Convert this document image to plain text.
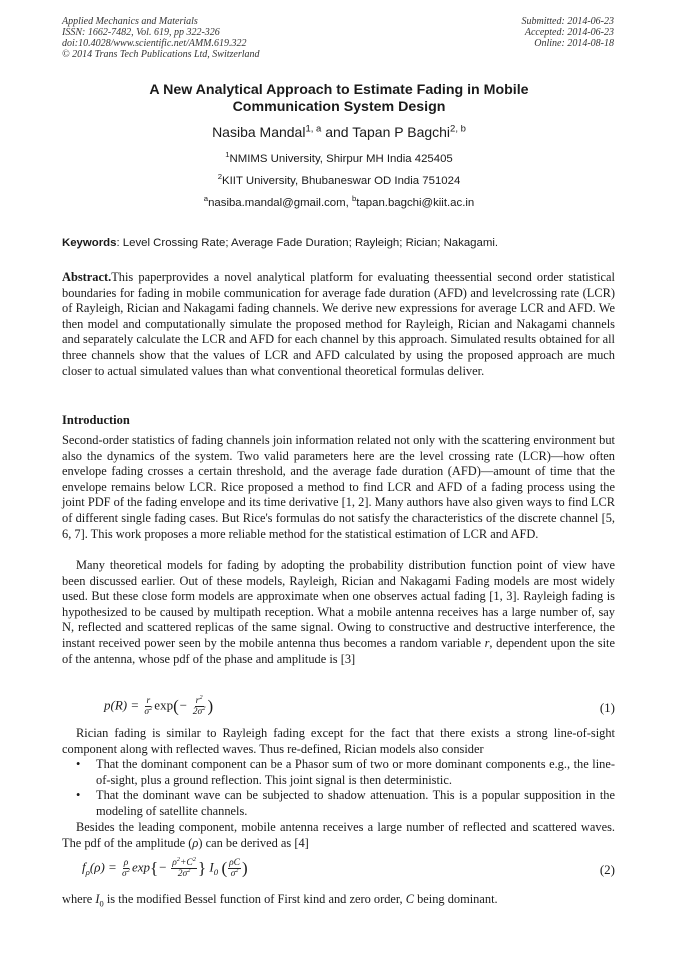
Applied Mechanics and Materials
ISSN: 1662-7482, Vol. 619, pp 322-326
doi:10.4028/www.scientific.net/AMM.619.322
© 2014 Trans Tech Publications Ltd, Switzerland
Submitted: 2014-06-23
Accepted: 2014-06-23
Online: 2014-08-18
A New Analytical Approach to Estimate Fading in Mobile
Communication System Design
Nasiba Mandal$^{1, a}$ and Tapan P Bagchi$^{2, b}$
$^1$NMIMS University, Shirpur MH India 425405
$^2$KIIT University, Bhubaneswar OD India 751024
$^a$nasiba.mandal@gmail.com, $^b$tapan.bagchi@kiit.ac.in
Keywords: Level Crossing Rate; Average Fade Duration; Rayleigh; Rician; Nakagami.

Abstract.This paperprovides a novel analytical platform for evaluating theessential second order statistical boundaries for fading in mobile communication for average fade duration (AFD) and levelcrossing rate (LCR) of Rayleigh, Rician and Nakagami fading channels. We derive new expressions for average LCR and AFD. We then model and computationally simulate the proposed method for Rayleigh, Rician and Nakagami channels and separately calculate the LCR and AFD for each channel by this approach. Simulated results obtained for all three channels show that the values of LCR and AFD calculated by using the proposed approach are much closer to actual simulated values than what conventional theoretical formulas deliver.

Introduction

Second-order statistics of fading channels join information related not only with the scattering environment but also the dynamics of the system. Two valid parameters here are the level crossing rate (LCR)—how often envelope fading crosses a certain threshold, and the average fade duration (AFD)—amount of time that the envelope remains below LCR. Rice proposed a method to find LCR and AFD of a fading process using the joint PDF of the fading envelope and its time derivative [1, 2]. Many authors have also given ways to find LCR of different single fading cases. But Rice's formulas do not satisfy the characteristics of the discrete channel [5, 6, 7]. This work proposes a more reliable method for the statistical estimation of LCR and AFD.

Many theoretical models for fading by adopting the probability distribution function point of view have been discussed earlier. Out of these models, Rayleigh, Rician and Nakagami Fading models are most widely used. But these close form models are approximate when one observes actual fading [1, 3]. Rayleigh fading is hypothesized to be caused by multipath reception. What a mobile antenna receives has a large number of, say N, reflected and scattered replicas of the same signal. Owing to constructive and destructive interference, the instant received power seen by the mobile antenna thus becomes a random variable r, dependent upon the site of the antenna, whose pdf of the phase and amplitude is [3]

$p(R) = \frac{r}{\sigma^2} \exp(- \frac{r^2}{2\sigma^2}$ )	(1)

Rician fading is similar to Rayleigh fading except for the fact that there exists a strong line-of-sight component along with reflected waves. Thus re-defined, Rician models also consider

• That the dominant component can be a Phasor sum of two or more dominant components e.g., the line-of-sight, plus a ground reflection. This joint signal is then deterministic.
• That the dominant wave can be subjected to shadow attenuation. This is a popular supposition in the modeling of satellite channels.

Besides the leading component, mobile antenna receives a large number of reflected and scattered waves. The pdf of the amplitude (ρ) can be derived as [4]

$f_\rho(\rho) = \frac{\rho}{\sigma^2} \exp\{- \frac{\rho^2+C^2}{2\sigma^2}$ } $I_0$ ( $\frac{\rho C}{\sigma^2}$ )	(2)

where $I_0$ is the modified Bessel function of First kind and zero order, C being dominant.
